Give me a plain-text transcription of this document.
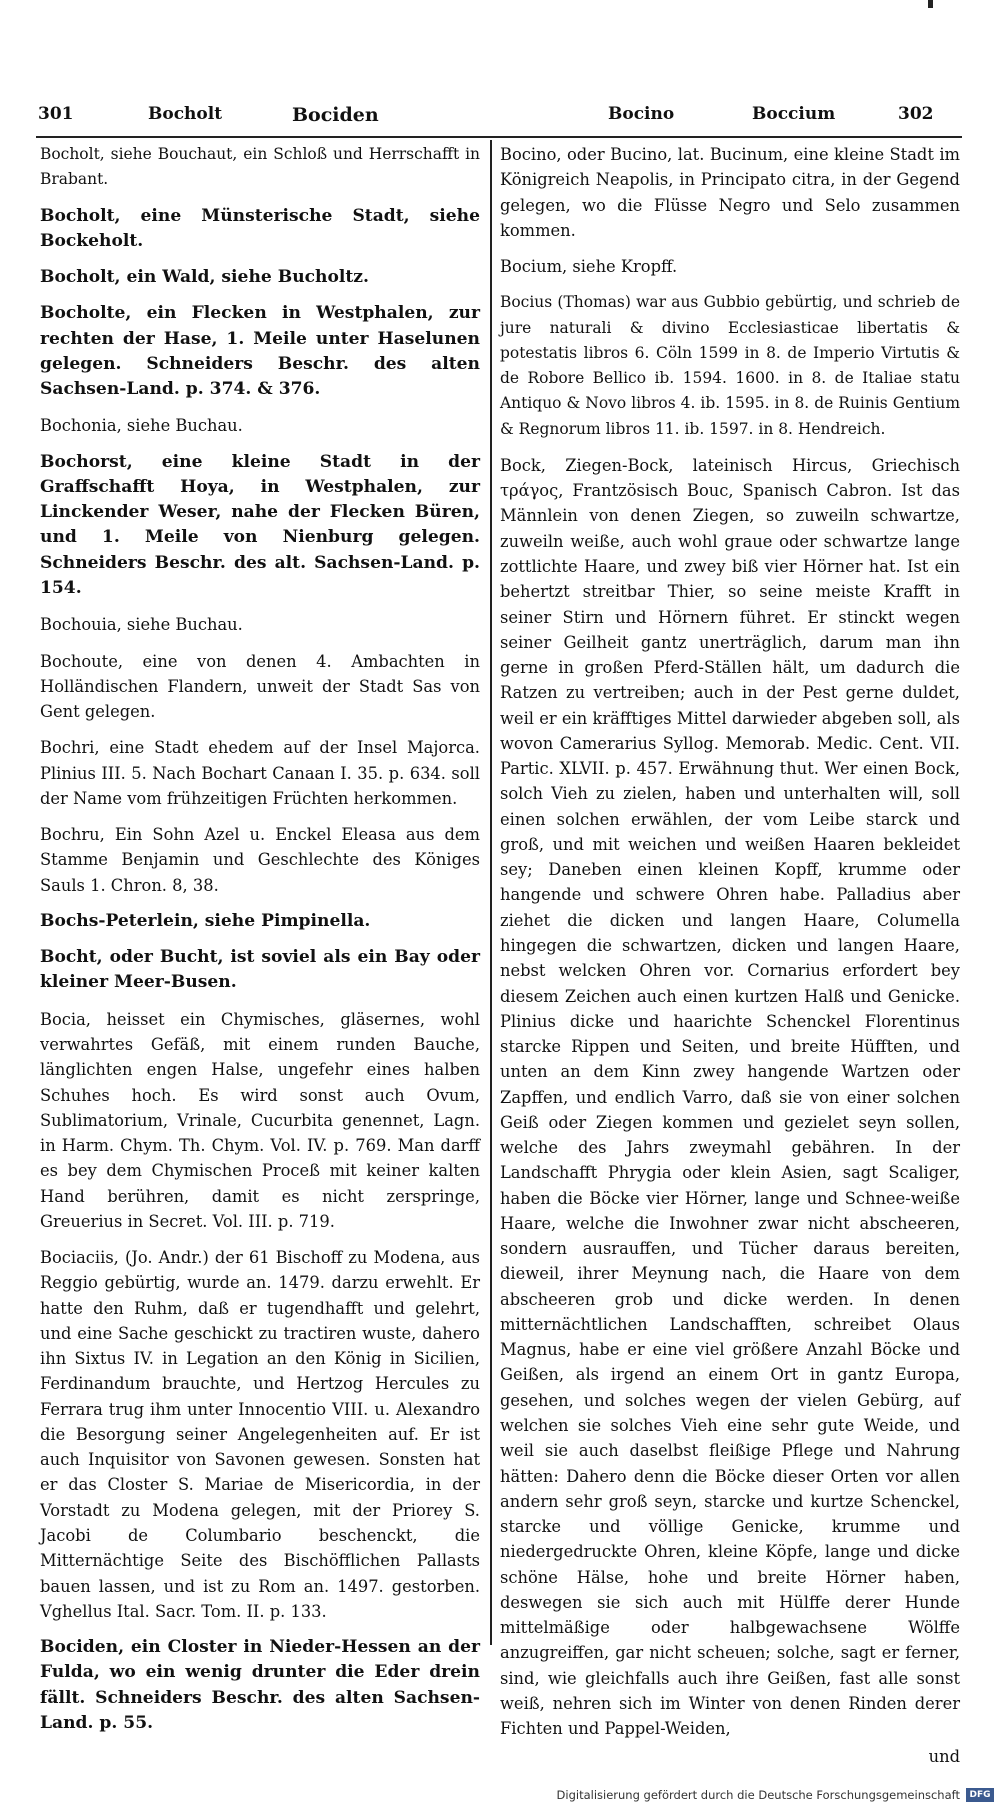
301	Bocholt	Bociden	Bocino	Boccium	302

Bocholt, siehe Bouchaut, ein Schloß und Herrschafft in Brabant.

Bocholt, eine Münsterische Stadt, siehe Bockeholt.

Bocholt, ein Wald, siehe Bucholtz.

Bocholte, ein Flecken in Westphalen, zur rechten der Hase, 1. Meile unter Haselunen gelegen. Schneiders Beschr. des alten Sachsen-Land. p. 374. & 376.

Bochonia, siehe Buchau.

Bochorst, eine kleine Stadt in der Graffschafft Hoya, in Westphalen, zur Linckender Weser, nahe der Flecken Büren, und 1. Meile von Nienburg gelegen. Schneiders Beschr. des alt. Sachsen-Land. p. 154.

Bochouia, siehe Buchau.

Bochoute, eine von denen 4. Ambachten in Holländischen Flandern, unweit der Stadt Sas von Gent gelegen.

Bochri, eine Stadt ehedem auf der Insel Majorca. Plinius III. 5. Nach Bochart Canaan I. 35. p. 634. soll der Name vom frühzeitigen Früchten herkommen.

Bochru, Ein Sohn Azel u. Enckel Eleasa aus dem Stamme Benjamin und Geschlechte des Königes Sauls 1. Chron. 8, 38.

Bochs-Peterlein, siehe Pimpinella.

Bocht, oder Bucht, ist soviel als ein Bay oder kleiner Meer-Busen.

Bocia, heisset ein Chymisches, gläsernes, wohl verwahrtes Gefäß, mit einem runden Bauche, länglichten engen Halse, ungefehr eines halben Schuhes hoch. Es wird sonst auch Ovum, Sublimatorium, Vrinale, Cucurbita genennet, Lagn. in Harm. Chym. Th. Chym. Vol. IV. p. 769. Man darff es bey dem Chymischen Proceß mit keiner kalten Hand berühren, damit es nicht zerspringe, Greuerius in Secret. Vol. III. p. 719.

Bociaciis, (Jo. Andr.) der 61 Bischoff zu Modena, aus Reggio gebürtig, wurde an. 1479. darzu erwehlt. Er hatte den Ruhm, daß er tugendhafft und gelehrt, und eine Sache geschickt zu tractiren wuste, dahero ihn Sixtus IV. in Legation an den König in Sicilien, Ferdinandum brauchte, und Hertzog Hercules zu Ferrara trug ihm unter Innocentio VIII. u. Alexandro die Besorgung seiner Angelegenheiten auf. Er ist auch Inquisitor von Savonen gewesen. Sonsten hat er das Closter S. Mariae de Misericordia, in der Vorstadt zu Modena gelegen, mit der Priorey S. Jacobi de Columbario beschenckt, die Mitternächtige Seite des Bischöfflichen Pallasts bauen lassen, und ist zu Rom an. 1497. gestorben. Vghellus Ital. Sacr. Tom. II. p. 133.

Bociden, ein Closter in Nieder-Hessen an der Fulda, wo ein wenig drunter die Eder drein fällt. Schneiders Beschr. des alten Sachsen-Land. p. 55.

Bocino, oder Bucino, lat. Bucinum, eine kleine Stadt im Königreich Neapolis, in Principato citra, in der Gegend gelegen, wo die Flüsse Negro und Selo zusammen kommen.

Bocium, siehe Kropff.

Bocius (Thomas) war aus Gubbio gebürtig, und schrieb de jure naturali & divino Ecclesiasticae libertatis & potestatis libros 6. Cöln 1599 in 8. de Imperio Virtutis & de Robore Bellico ib. 1594. 1600. in 8. de Italiae statu Antiquo & Novo libros 4. ib. 1595. in 8. de Ruinis Gentium & Regnorum libros 11. ib. 1597. in 8. Hendreich.

Bock, Ziegen-Bock, lateinisch Hircus, Griechisch τράγος, Frantzösisch Bouc, Spanisch Cabron. Ist das Männlein von denen Ziegen, so zuweiln schwartze, zuweiln weiße, auch wohl graue oder schwartze lange zottlichte Haare, und zwey biß vier Hörner hat. Ist ein behertzt streitbar Thier, so seine meiste Krafft in seiner Stirn und Hörnern führet. Er stinckt wegen seiner Geilheit gantz unerträglich, darum man ihn gerne in großen Pferd-Ställen hält, um dadurch die Ratzen zu vertreiben; auch in der Pest gerne duldet, weil er ein kräfftiges Mittel darwieder abgeben soll, als wovon Camerarius Syllog. Memorab. Medic. Cent. VII. Partic. XLVII. p. 457. Erwähnung thut. Wer einen Bock, solch Vieh zu zielen, haben und unterhalten will, soll einen solchen erwählen, der vom Leibe starck und groß, und mit weichen und weißen Haaren bekleidet sey; Daneben einen kleinen Kopff, krumme oder hangende und schwere Ohren habe. Palladius aber ziehet die dicken und langen Haare, Columella hingegen die schwartzen, dicken und langen Haare, nebst welcken Ohren vor. Cornarius erfordert bey diesem Zeichen auch einen kurtzen Halß und Genicke. Plinius dicke und haarichte Schenckel Florentinus starcke Rippen und Seiten, und breite Hüfften, und unten an dem Kinn zwey hangende Wartzen oder Zapffen, und endlich Varro, daß sie von einer solchen Geiß oder Ziegen kommen und gezielet seyn sollen, welche des Jahrs zweymahl gebähren. In der Landschafft Phrygia oder klein Asien, sagt Scaliger, haben die Böcke vier Hörner, lange und Schnee-weiße Haare, welche die Inwohner zwar nicht abscheeren, sondern ausrauffen, und Tücher daraus bereiten, dieweil, ihrer Meynung nach, die Haare von dem abscheeren grob und dicke werden. In denen mitternächtlichen Landschafften, schreibet Olaus Magnus, habe er eine viel größere Anzahl Böcke und Geißen, als irgend an einem Ort in gantz Europa, gesehen, und solches wegen der vielen Gebürg, auf welchen sie solches Vieh eine sehr gute Weide, und weil sie auch daselbst fleißige Pflege und Nahrung hätten: Dahero denn die Böcke dieser Orten vor allen andern sehr groß seyn, starcke und kurtze Schenckel, starcke und völlige Genicke, krumme und niedergedruckte Ohren, kleine Köpfe, lange und dicke schöne Hälse, hohe und breite Hörner haben, deswegen sie sich auch mit Hülffe derer Hunde mittelmäßige oder halbgewachsene Wölffe anzugreiffen, gar nicht scheuen; solche, sagt er ferner, sind, wie gleichfalls auch ihre Geißen, fast alle sonst weiß, nehren sich im Winter von denen Rinden derer Fichten und Pappel-Weiden,

und

Digitalisierung gefördert durch die Deutsche Forschungsgemeinschaft	DFG
